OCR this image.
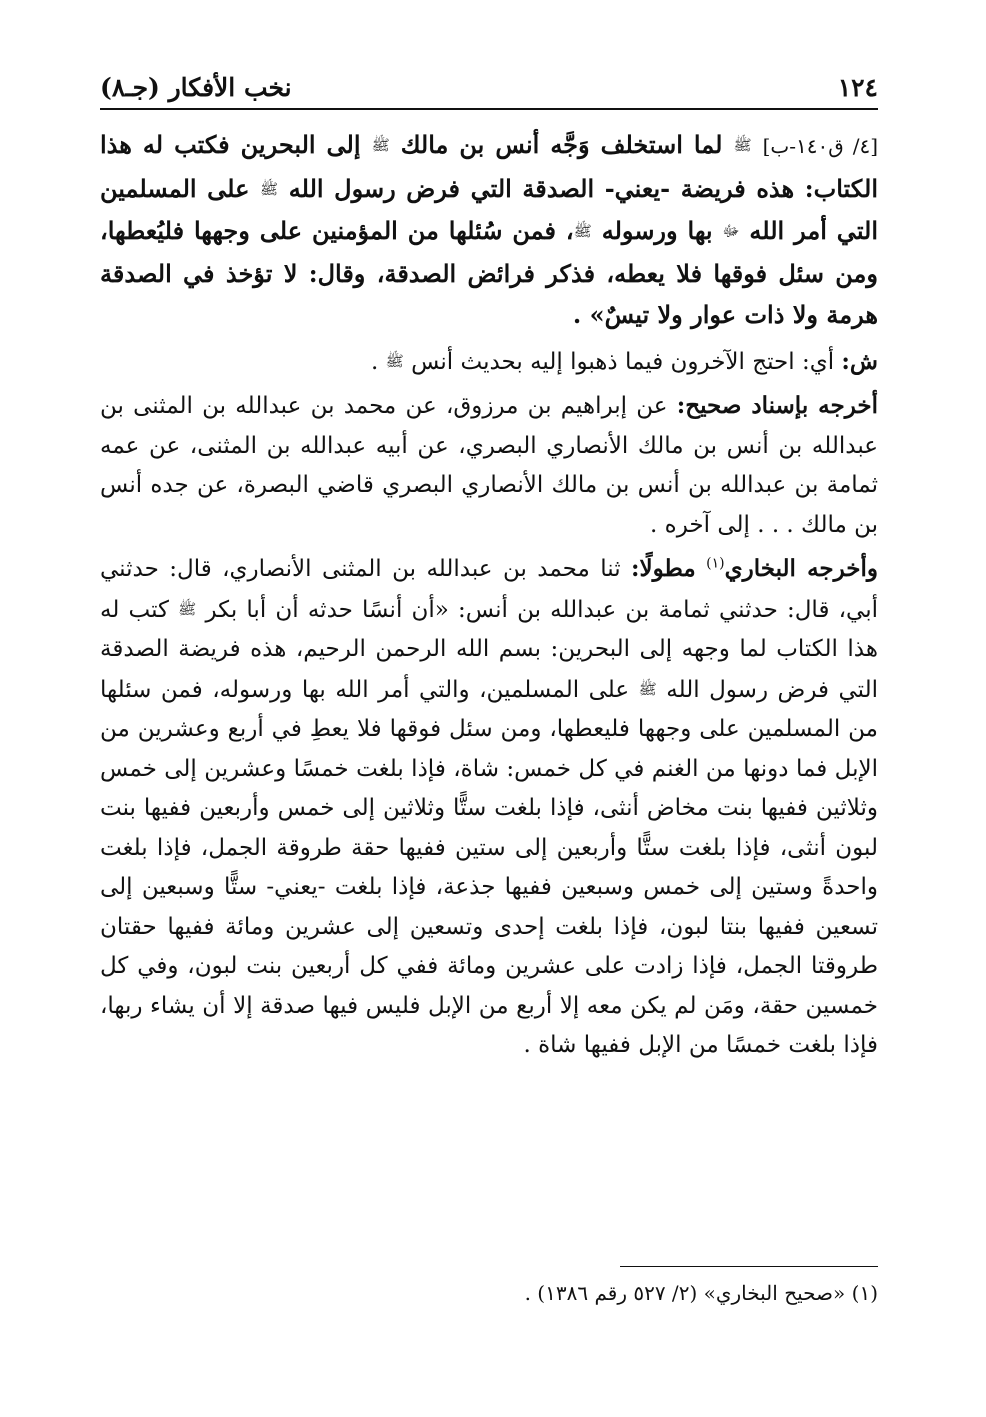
١٢٤
نخب الأفكار (جـ٨)

[٤/ ق١٤٠-ب] ﷺ لما استخلف وَجَّه أنس بن مالك ﷺ إلى البحرين فكتب له هذا الكتاب: هذه فريضة -يعني- الصدقة التي فرض رسول الله ﷺ على المسلمين التي أمر الله ﷻ بها ورسوله ﷺ، فمن سُئلها من المؤمنين على وجهها فليُعطها، ومن سئل فوقها فلا يعطه، فذكر فرائض الصدقة، وقال: لا تؤخذ في الصدقة هرمة ولا ذات عوار ولا تيسٌ» .

ش: أي: احتج الآخرون فيما ذهبوا إليه بحديث أنس ﷺ .

أخرجه بإسناد صحيح: عن إبراهيم بن مرزوق، عن محمد بن عبدالله بن المثنى بن عبدالله بن أنس بن مالك الأنصاري البصري، عن أبيه عبدالله بن المثنى، عن عمه ثمامة بن عبدالله بن أنس بن مالك الأنصاري البصري قاضي البصرة، عن جده أنس بن مالك . . . إلى آخره .

وأخرجه البخاري$^{(١)}$ مطولًا: ثنا محمد بن عبدالله بن المثنى الأنصاري، قال: حدثني أبي، قال: حدثني ثمامة بن عبدالله بن أنس: «أن أنسًا حدثه أن أبا بكر ﷺ كتب له هذا الكتاب لما وجهه إلى البحرين: بسم الله الرحمن الرحيم، هذه فريضة الصدقة التي فرض رسول الله ﷺ على المسلمين، والتي أمر الله بها ورسوله، فمن سئلها من المسلمين على وجهها فليعطها، ومن سئل فوقها فلا يعطِ في أربع وعشرين من الإبل فما دونها من الغنم في كل خمس: شاة، فإذا بلغت خمسًا وعشرين إلى خمس وثلاثين ففيها بنت مخاض أنثى، فإذا بلغت ستًّا وثلاثين إلى خمس وأربعين ففيها بنت لبون أنثى، فإذا بلغت ستًّا وأربعين إلى ستين ففيها حقة طروقة الجمل، فإذا بلغت واحدةً وستين إلى خمس وسبعين ففيها جذعة، فإذا بلغت -يعني- ستًّا وسبعين إلى تسعين ففيها بنتا لبون، فإذا بلغت إحدى وتسعين إلى عشرين ومائة ففيها حقتان طروقتا الجمل، فإذا زادت على عشرين ومائة ففي كل أربعين بنت لبون، وفي كل خمسين حقة، ومَن لم يكن معه إلا أربع من الإبل فليس فيها صدقة إلا أن يشاء ربها، فإذا بلغت خمسًا من الإبل ففيها شاة .

(١) «صحيح البخاري» (٢/ ٥٢٧ رقم ١٣٨٦) .
